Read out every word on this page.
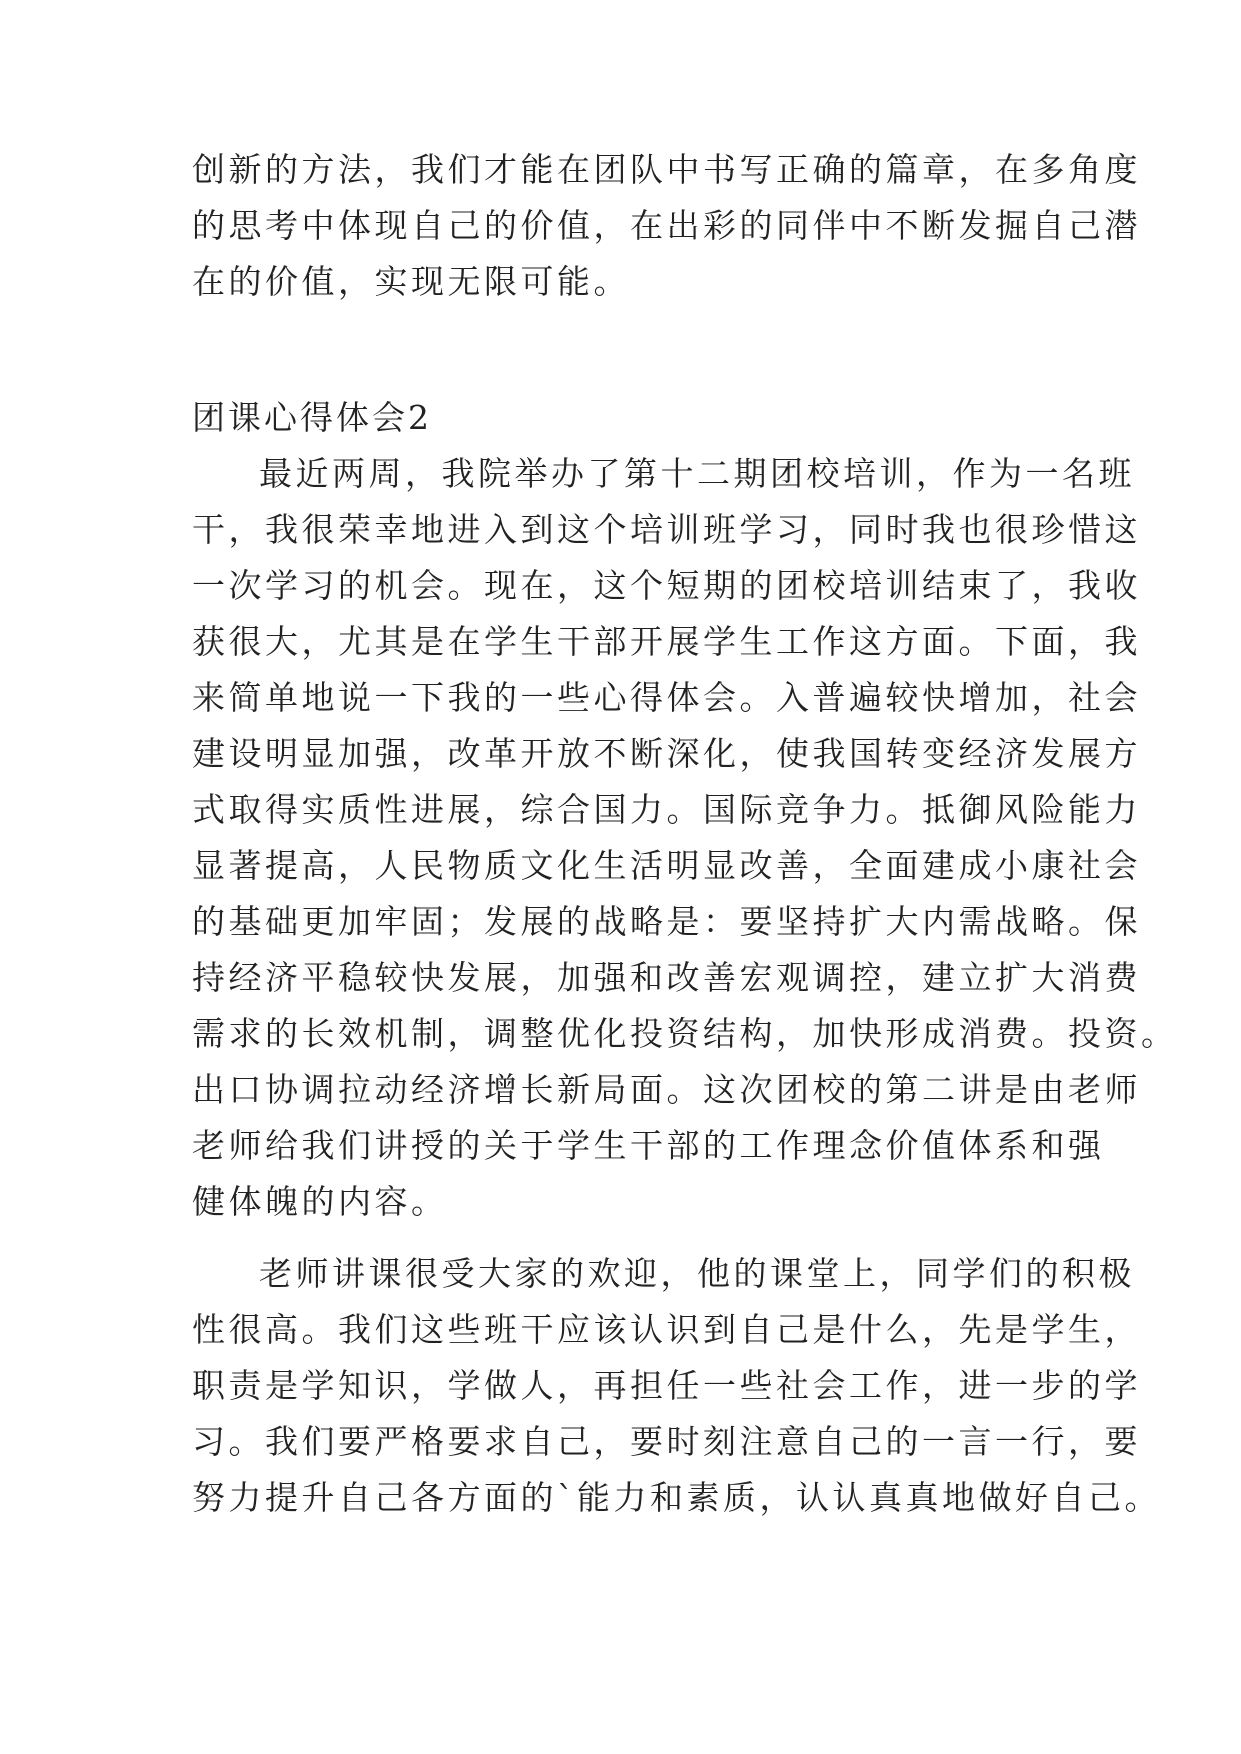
创新的方法，我们才能在团队中书写正确的篇章，在多角度
的思考中体现自己的价值，在出彩的同伴中不断发掘自己潜
在的价值，实现无限可能。
团课心得体会2
最近两周，我院举办了第十二期团校培训，作为一名班
干，我很荣幸地进入到这个培训班学习，同时我也很珍惜这
一次学习的机会。现在，这个短期的团校培训结束了，我收
获很大，尤其是在学生干部开展学生工作这方面。下面，我
来简单地说一下我的一些心得体会。入普遍较快增加，社会
建设明显加强，改革开放不断深化，使我国转变经济发展方
式取得实质性进展，综合国力。国际竞争力。抵御风险能力
显著提高，人民物质文化生活明显改善，全面建成小康社会
的基础更加牢固；发展的战略是：要坚持扩大内需战略。保
持经济平稳较快发展，加强和改善宏观调控，建立扩大消费
需求的长效机制，调整优化投资结构，加快形成消费。投资。
出口协调拉动经济增长新局面。这次团校的第二讲是由老师
老师给我们讲授的关于学生干部的工作理念价值体系和强
健体魄的内容。
老师讲课很受大家的欢迎，他的课堂上，同学们的积极
性很高。我们这些班干应该认识到自己是什么，先是学生，
职责是学知识，学做人，再担任一些社会工作，进一步的学
习。我们要严格要求自己，要时刻注意自己的一言一行，要
努力提升自己各方面的`能力和素质，认认真真地做好自己。
